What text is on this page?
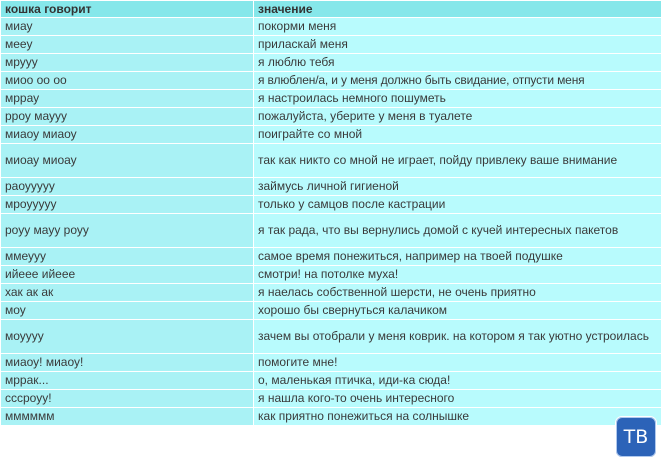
кошка говорит	значение
миау	покорми меня
мееу	приласкай меня
мрууу	я люблю тебя
миоо оо оо	я влюблен/а, и у меня должно быть свидание, отпусти меня
мррау	я настроилась немного пошуметь
рроу маууу	пожалуйста, уберите у меня в туалете
миаоу миаоу	поиграйте со мной
миоау миоау	так как никто со мной не играет, пойду привлеку ваше внимание
раоууууу	займусь личной гигиеной
мроууууу	только у самцов после кастрации
роуу мауу роуу	я так рада, что вы вернулись домой с кучей интересных пакетов
ммеууу	самое время понежиться, например на твоей подушке
ийеее ийеее	смотри! на потолке муха!
хак ак ак	я наелась собственной шерсти, не очень приятно
моу	хорошо бы свернуться калачиком
моуууу	зачем вы отобрали у меня коврик. на котором я так уютно устроилась
миаоу! миаоу!	помогите мне!
мррак...	о, маленькая птичка, иди-ка сюда!
сссроуу!	я нашла кого-то очень интересного
мммммм	как приятно понежиться на солнышке
ТВ
